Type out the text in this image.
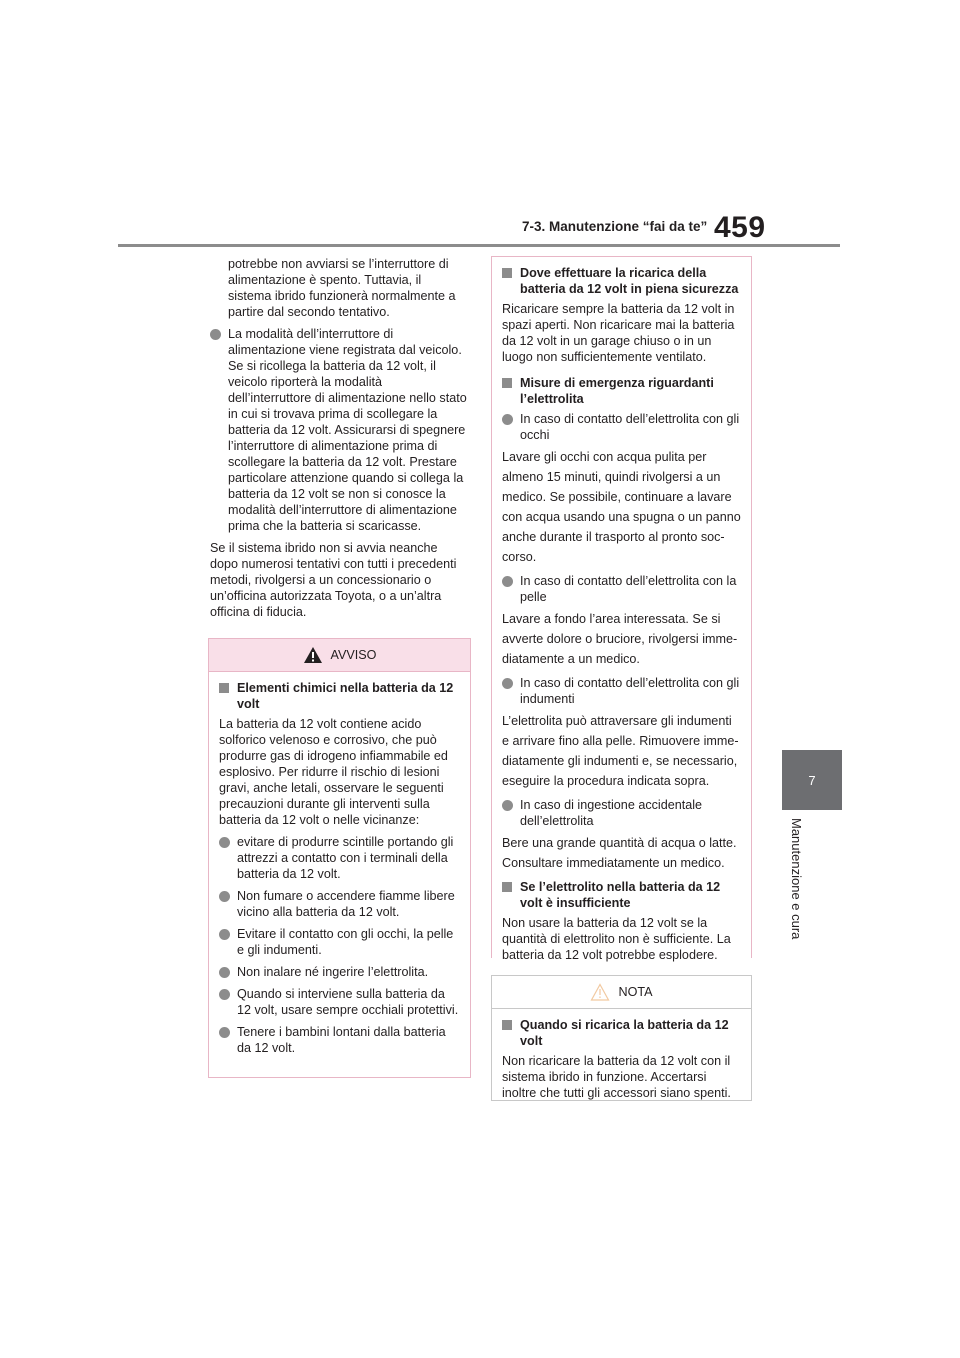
7-3. Manutenzione “fai da te” 459
7
Manutenzione e cura

potrebbe non avviarsi se l’interruttore di alimentazione è spento. Tuttavia, il sistema ibrido funzionerà normalmente a partire dal secondo tentativo.

La modalità dell’interruttore di alimentazione viene registrata dal veicolo. Se si ricollega la batteria da 12 volt, il veicolo riporterà la modalità dell’interruttore di alimentazione nello stato in cui si trovava prima di scollegare la batteria da 12 volt. Assicurarsi di spegnere l’interruttore di alimentazione prima di scollegare la batteria da 12 volt. Prestare particolare attenzione quando si collega la batteria da 12 volt se non si conosce la modalità dell’interruttore di alimentazione prima che la batteria si scaricasse.

Se il sistema ibrido non si avvia neanche dopo numerosi tentativi con tutti i precedenti metodi, rivolgersi a un concessionario o un’officina autorizzata Toyota, o a un’altra officina di fiducia.

AVVISO
Elementi chimici nella batteria da 12 volt

La batteria da 12 volt contiene acido solforico velenoso e corrosivo, che può produrre gas di idrogeno infiammabile ed esplosivo. Per ridurre il rischio di lesioni gravi, anche letali, osservare le seguenti precauzioni durante gli interventi sulla batteria da 12 volt o nelle vicinanze:

evitare di produrre scintille portando gli attrezzi a contatto con i terminali della batteria da 12 volt.
Non fumare o accendere fiamme libere vicino alla batteria da 12 volt.
Evitare il contatto con gli occhi, la pelle e gli indumenti.
Non inalare né ingerire l’elettrolita.
Quando si interviene sulla batteria da 12 volt, usare sempre occhiali protettivi.
Tenere i bambini lontani dalla batteria da 12 volt.
Dove effettuare la ricarica della batteria da 12 volt in piena sicurezza

Ricaricare sempre la batteria da 12 volt in spazi aperti. Non ricaricare mai la batteria da 12 volt in un garage chiuso o in un luogo non sufficientemente ventilato.

Misure di emergenza riguardanti l’elettrolita
In caso di contatto dell’elettrolita con gli occhi

Lavare gli occhi con acqua pulita per

almeno 15 minuti, quindi rivolgersi a un

medico. Se possibile, continuare a lavare

con acqua usando una spugna o un panno

anche durante il trasporto al pronto soc-

corso.

In caso di contatto dell’elettrolita con la pelle

Lavare a fondo l’area interessata. Se si

avverte dolore o bruciore, rivolgersi imme-

diatamente a un medico.

In caso di contatto dell’elettrolita con gli indumenti

L’elettrolita può attraversare gli indumenti

e arrivare fino alla pelle. Rimuovere imme-

diatamente gli indumenti e, se necessario,

eseguire la procedura indicata sopra.

In caso di ingestione accidentale dell’elettrolita

Bere una grande quantità di acqua o latte.

Consultare immediatamente un medico.

Se l’elettrolito nella batteria da 12 volt è insufficiente

Non usare la batteria da 12 volt se la quantità di elettrolito non è sufficiente. La batteria da 12 volt potrebbe esplodere.

NOTA
Quando si ricarica la batteria da 12 volt

Non ricaricare la batteria da 12 volt con il sistema ibrido in funzione. Accertarsi inoltre che tutti gli accessori siano spenti.
